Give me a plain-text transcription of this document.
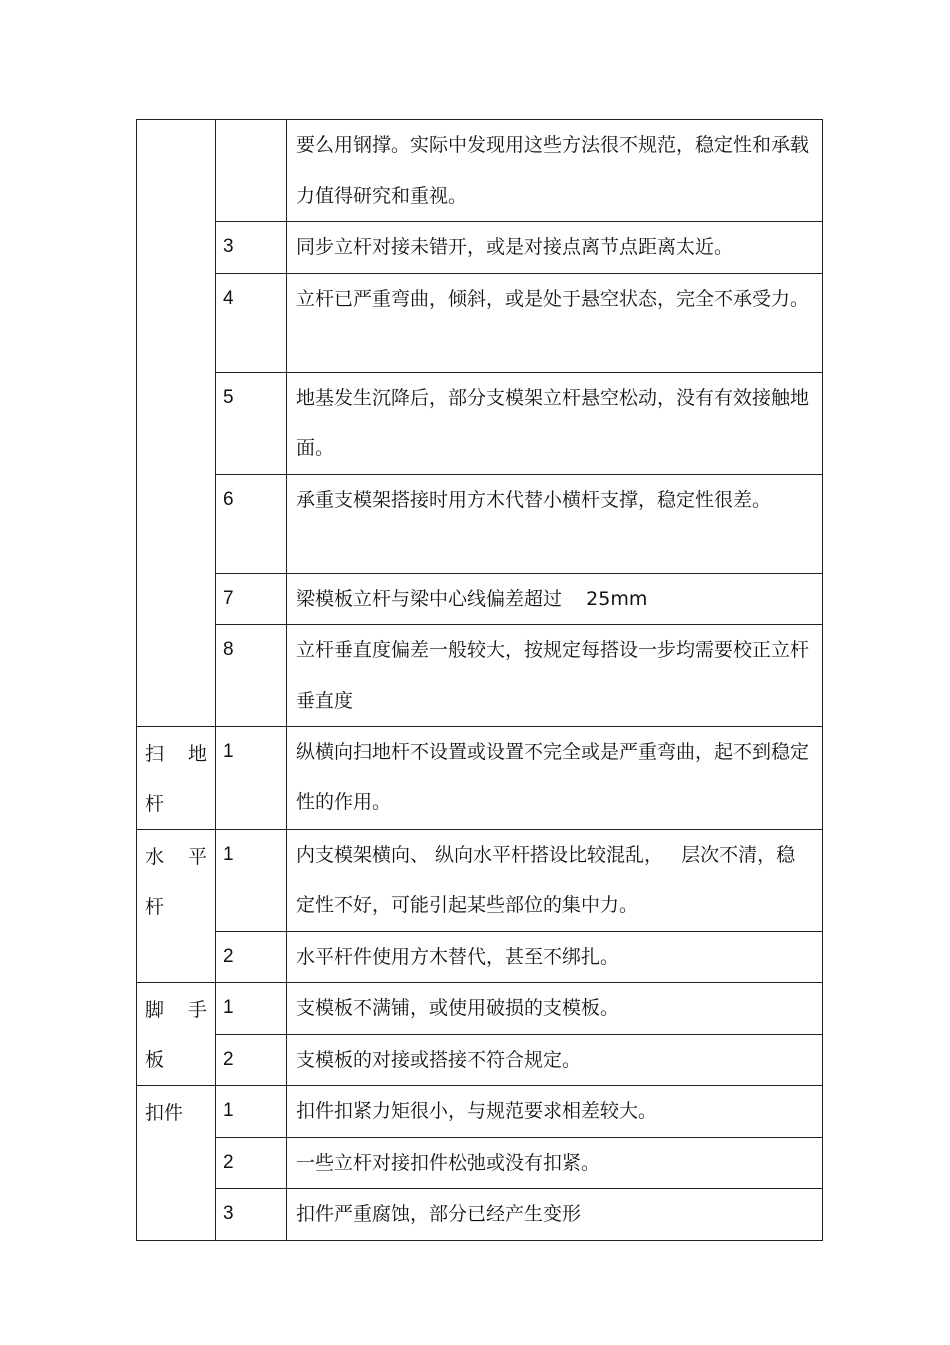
		要么用钢撑。实际中发现用这些方法很不规范，稳定性和承载力值得研究和重视。

	3	同步立杆对接未错开，或是对接点离节点距离太近。

	4	立杆已严重弯曲，倾斜，或是处于悬空状态，完全不承受力。

	5	地基发生沉降后，部分支模架立杆悬空松动，没有有效接触地面。

	6	承重支模架搭接时用方木代替小横杆支撑，稳定性很差。

	7	梁模板立杆与梁中心线偏差超过    25mm

	8	立杆垂直度偏差一般较大，按规定每搭设一步均需要校正立杆垂直度
扫 地
杆	1	纵横向扫地杆不设置或设置不完全或是严重弯曲，起不到稳定性的作用。

水 平
杆	1	内支模架横向、 纵向水平杆搭设比较混乱，   层次不清，稳定性不好，可能引起某些部位的集中力。

	2	水平杆件使用方木替代，甚至不绑扎。

脚 手
板	1	支模板不满铺，或使用破损的支模板。

	2	支模板的对接或搭接不符合规定。

扣件	1	扣件扣紧力矩很小，与规范要求相差较大。

	2	一些立杆对接扣件松弛或没有扣紧。

	3	扣件严重腐蚀，部分已经产生变形
